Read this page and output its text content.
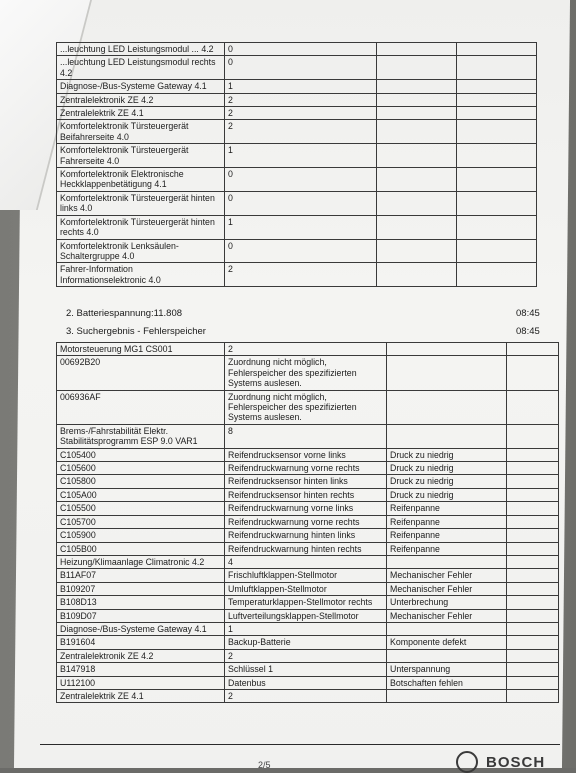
...leuchtung LED Leistungsmodul ... 4.2	0		
...leuchtung LED Leistungsmodul rechts 4.2	0		
Diagnose-/Bus-Systeme Gateway 4.1	1		
Zentralelektronik ZE 4.2	2		
Zentralelektrik ZE 4.1	2		
Komfortelektronik Türsteuergerät Beifahrerseite 4.0	2		
Komfortelektronik Türsteuergerät Fahrerseite 4.0	1		
Komfortelektronik Elektronische Heckklappenbetätigung 4.1	0		
Komfortelektronik Türsteuergerät hinten links 4.0	0		
Komfortelektronik Türsteuergerät hinten rechts 4.0	1		
Komfortelektronik Lenksäulen-Schaltergruppe 4.0	0		
Fahrer-Information Informationselektronic 4.0	2		
2. Batteriespannung:11.808	08:45
3. Suchergebnis - Fehlerspeicher	08:45
Motorsteuerung MG1 CS001	2		
00692B20	Zuordnung nicht möglich, Fehlerspeicher des spezifizierten Systems auslesen.		
006936AF	Zuordnung nicht möglich, Fehlerspeicher des spezifizierten Systems auslesen.		
Brems-/Fahrstabilität Elektr. Stabilitätsprogramm ESP 9.0 VAR1	8		
C105400	Reifendrucksensor vorne links	Druck zu niedrig	
C105600	Reifendruckwarnung vorne rechts	Druck zu niedrig	
C105800	Reifendrucksensor hinten links	Druck zu niedrig	
C105A00	Reifendrucksensor hinten rechts	Druck zu niedrig	
C105500	Reifendruckwarnung vorne links	Reifenpanne	
C105700	Reifendruckwarnung vorne rechts	Reifenpanne	
C105900	Reifendruckwarnung hinten links	Reifenpanne	
C105B00	Reifendruckwarnung hinten rechts	Reifenpanne	
Heizung/Klimaanlage Climatronic 4.2	4		
B11AF07	Frischluftklappen-Stellmotor	Mechanischer Fehler	
B109207	Umluftklappen-Stellmotor	Mechanischer Fehler	
B108D13	Temperaturklappen-Stellmotor rechts	Unterbrechung	
B109D07	Luftverteilungsklappen-Stellmotor	Mechanischer Fehler	
Diagnose-/Bus-Systeme Gateway 4.1	1		
B191604	Backup-Batterie	Komponente defekt	
Zentralelektronik ZE 4.2	2		
B147918	Schlüssel 1	Unterspannung	
U112100	Datenbus	Botschaften fehlen	
Zentralelektrik ZE 4.1	2		
2/5	BOSCH
